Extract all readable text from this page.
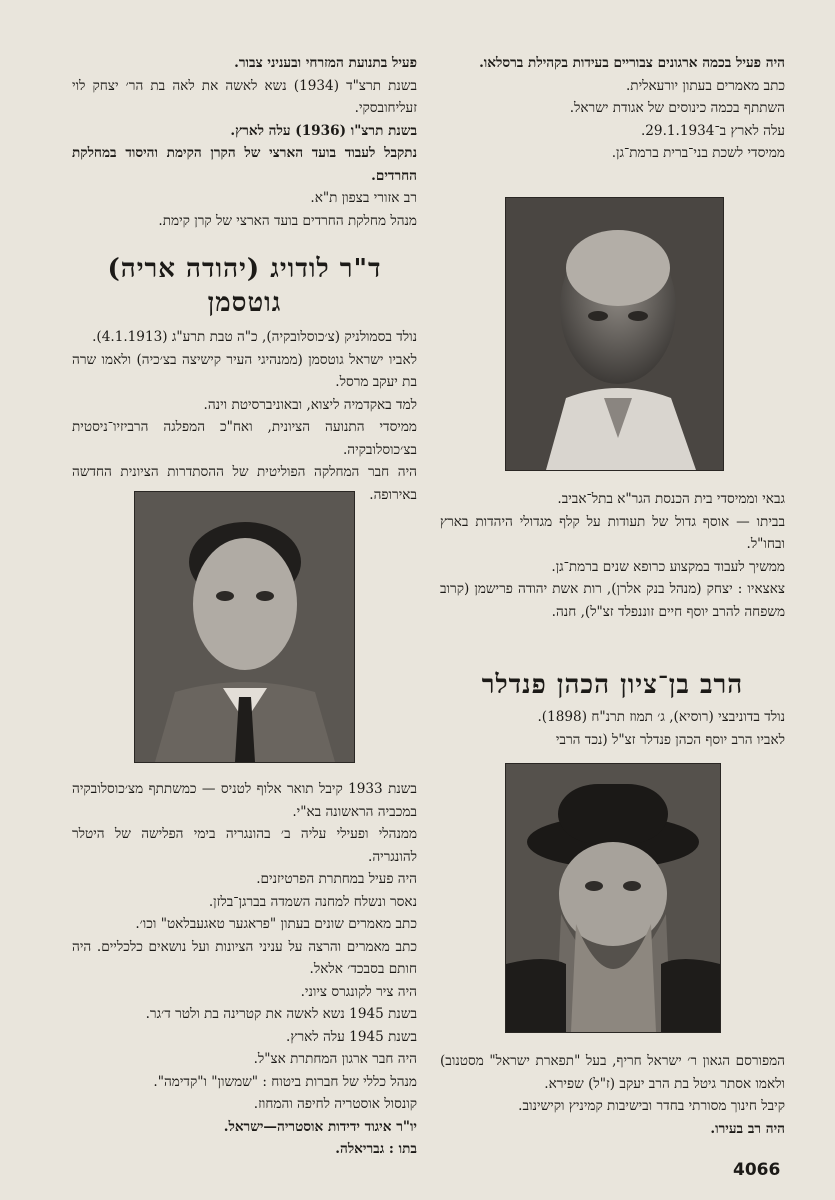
היה פעיל בכמה ארגונים צבוריים בעידות בקהילת ברסלאו.

כתב מאמרים בעתון יורעאלית.

השתתף בכמה כינוסים של אגודת ישראל.

עלה לארץ ב־29.1.1934.

ממיסדי לשכת בני־ברית ברמת־גן.

גבאי וממיסדי בית הכנסת הגר"א בתל־אביב.

בביתו — אוסף גדול של תעודות על קלף מגדולי היהדות בארץ ובחו"ל.

ממשיך לעבוד במקצוע כרופא שנים ברמת־גן.

צאצאיו : יצחק (מנהל בנק אלרן), רות אשת יהודה פרישמן (קרוב משפחה להרב יוסף חיים זוננפלד זצ"ל), חנה.

הרב בן־ציון הכהן פנדלר

נולד בדוניבצי (רוסיא), ג׳ תמוז תרנ"ח (1898).

לאביו הרב יוסף הכהן פנדלר זצ"ל (נכד הרבי

המפורסם הגאון ר׳ ישראל חריף, בעל "תפארת ישראל" מסטנוב) ולאמו אסתר גיטל בת הרב יעקב (ז"ל) שפירא.

קיבל חינוך מסורתי בחדר ובישיבות קמיניץ וקישינוב.

היה רב בעירו.

פעיל בתנועת המזרחי ובעניני צבור.

בשנת תרצ"ד (1934) נשא לאשה את לאה בת הר׳ יצחק לוי זעליחובסקי.

בשנת תרצ"ו (1936) עלה לארץ.

נתקבל לעבוד בועד הארצי של הקרן הקימת והיסוד במחלקת החרדים.

רב אזורי בצפון ת"א.

מנהל מחלקת החרדים בועד הארצי של קרן קימת.

ד"ר לודויג (יהודה אריה) גוטסמן

נולד בסמולניק (צ׳כוסלובקיה), כ"ה טבת תרע"ג (4.1.1913).

לאביו ישראל גוטסמן (ממנהיגי העיר קישיצה בצ׳כיה) ולאמו שרה בת יעקב מרסל.

למד באקדמיה ליצוא, ובאוניברסיטת וינה.

ממיסדי התנועה הציונית, ואח"כ המפלגה הרביזיו־ניסטית בצ׳כוסלובקיה.

היה חבר המחלקה הפוליטית של ההסתדרות הציונית החדשה באירופה.

בשנת 1933 קיבל תואר אלוף לטניס — כמשתתף מצ׳כוסלובקיה במכביה הראשונה בא"י.

ממנהלי ופעילי עליה ב׳ בהונגריה בימי הפלישה של היטלר להונגריה.

היה פעיל במחתרת הפרטיזנים.

נאסר ונשלח למחנה השמדה בברגן־בלזן.

כתב מאמרים שונים בעתון "פראגער טאגעבלאט" וכו׳.

כתב מאמרים והרצה על עניני הציונות ועל נושאים כלכליים. היה חותם בסבכד׳ אלאל.

היה ציר לקונגרס ציוני.

בשנת 1945 נשא לאשה את קטרינה בת ולטר ד׳גר.

בשנת 1945 עלה לארץ.

היה חבר ארגון המחתרת אצ"ל.

מנהל כללי של חברות ביטוח : "שמשון" ו"קדימה".

קונסול אוסטריה לחיפה והמחוז.

יו"ר איגוד ידידות אוסטריה—ישראל.

בתו : גבריאלה.

4066
